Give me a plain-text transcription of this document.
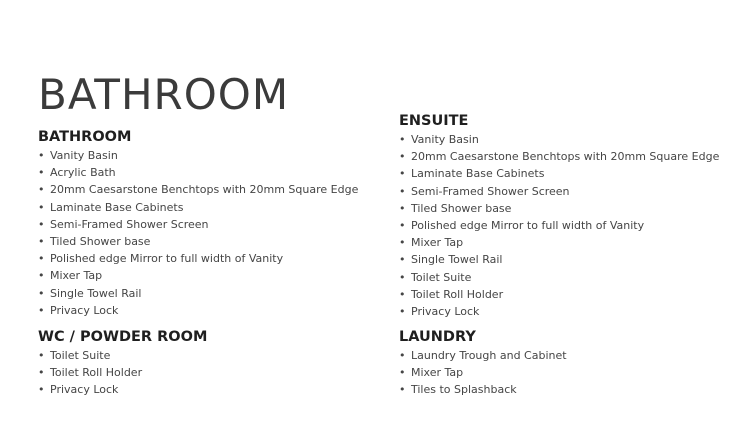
BATHROOM
BATHROOM
• Vanity Basin
• Acrylic Bath
• 20mm Caesarstone Benchtops with 20mm Square Edge
• Laminate Base Cabinets
• Semi-Framed Shower Screen
• Tiled Shower base
• Polished edge Mirror to full width of Vanity
• Mixer Tap
• Single Towel Rail
• Privacy Lock
WC / POWDER ROOM
• Toilet Suite
• Toilet Roll Holder
• Privacy Lock
ENSUITE
• Vanity Basin
• 20mm Caesarstone Benchtops with 20mm Square Edge
• Laminate Base Cabinets
• Semi-Framed Shower Screen
• Tiled Shower base
• Polished edge Mirror to full width of Vanity
• Mixer Tap
• Single Towel Rail
• Toilet Suite
• Toilet Roll Holder
• Privacy Lock
LAUNDRY
• Laundry Trough and Cabinet
• Mixer Tap
• Tiles to Splashback
